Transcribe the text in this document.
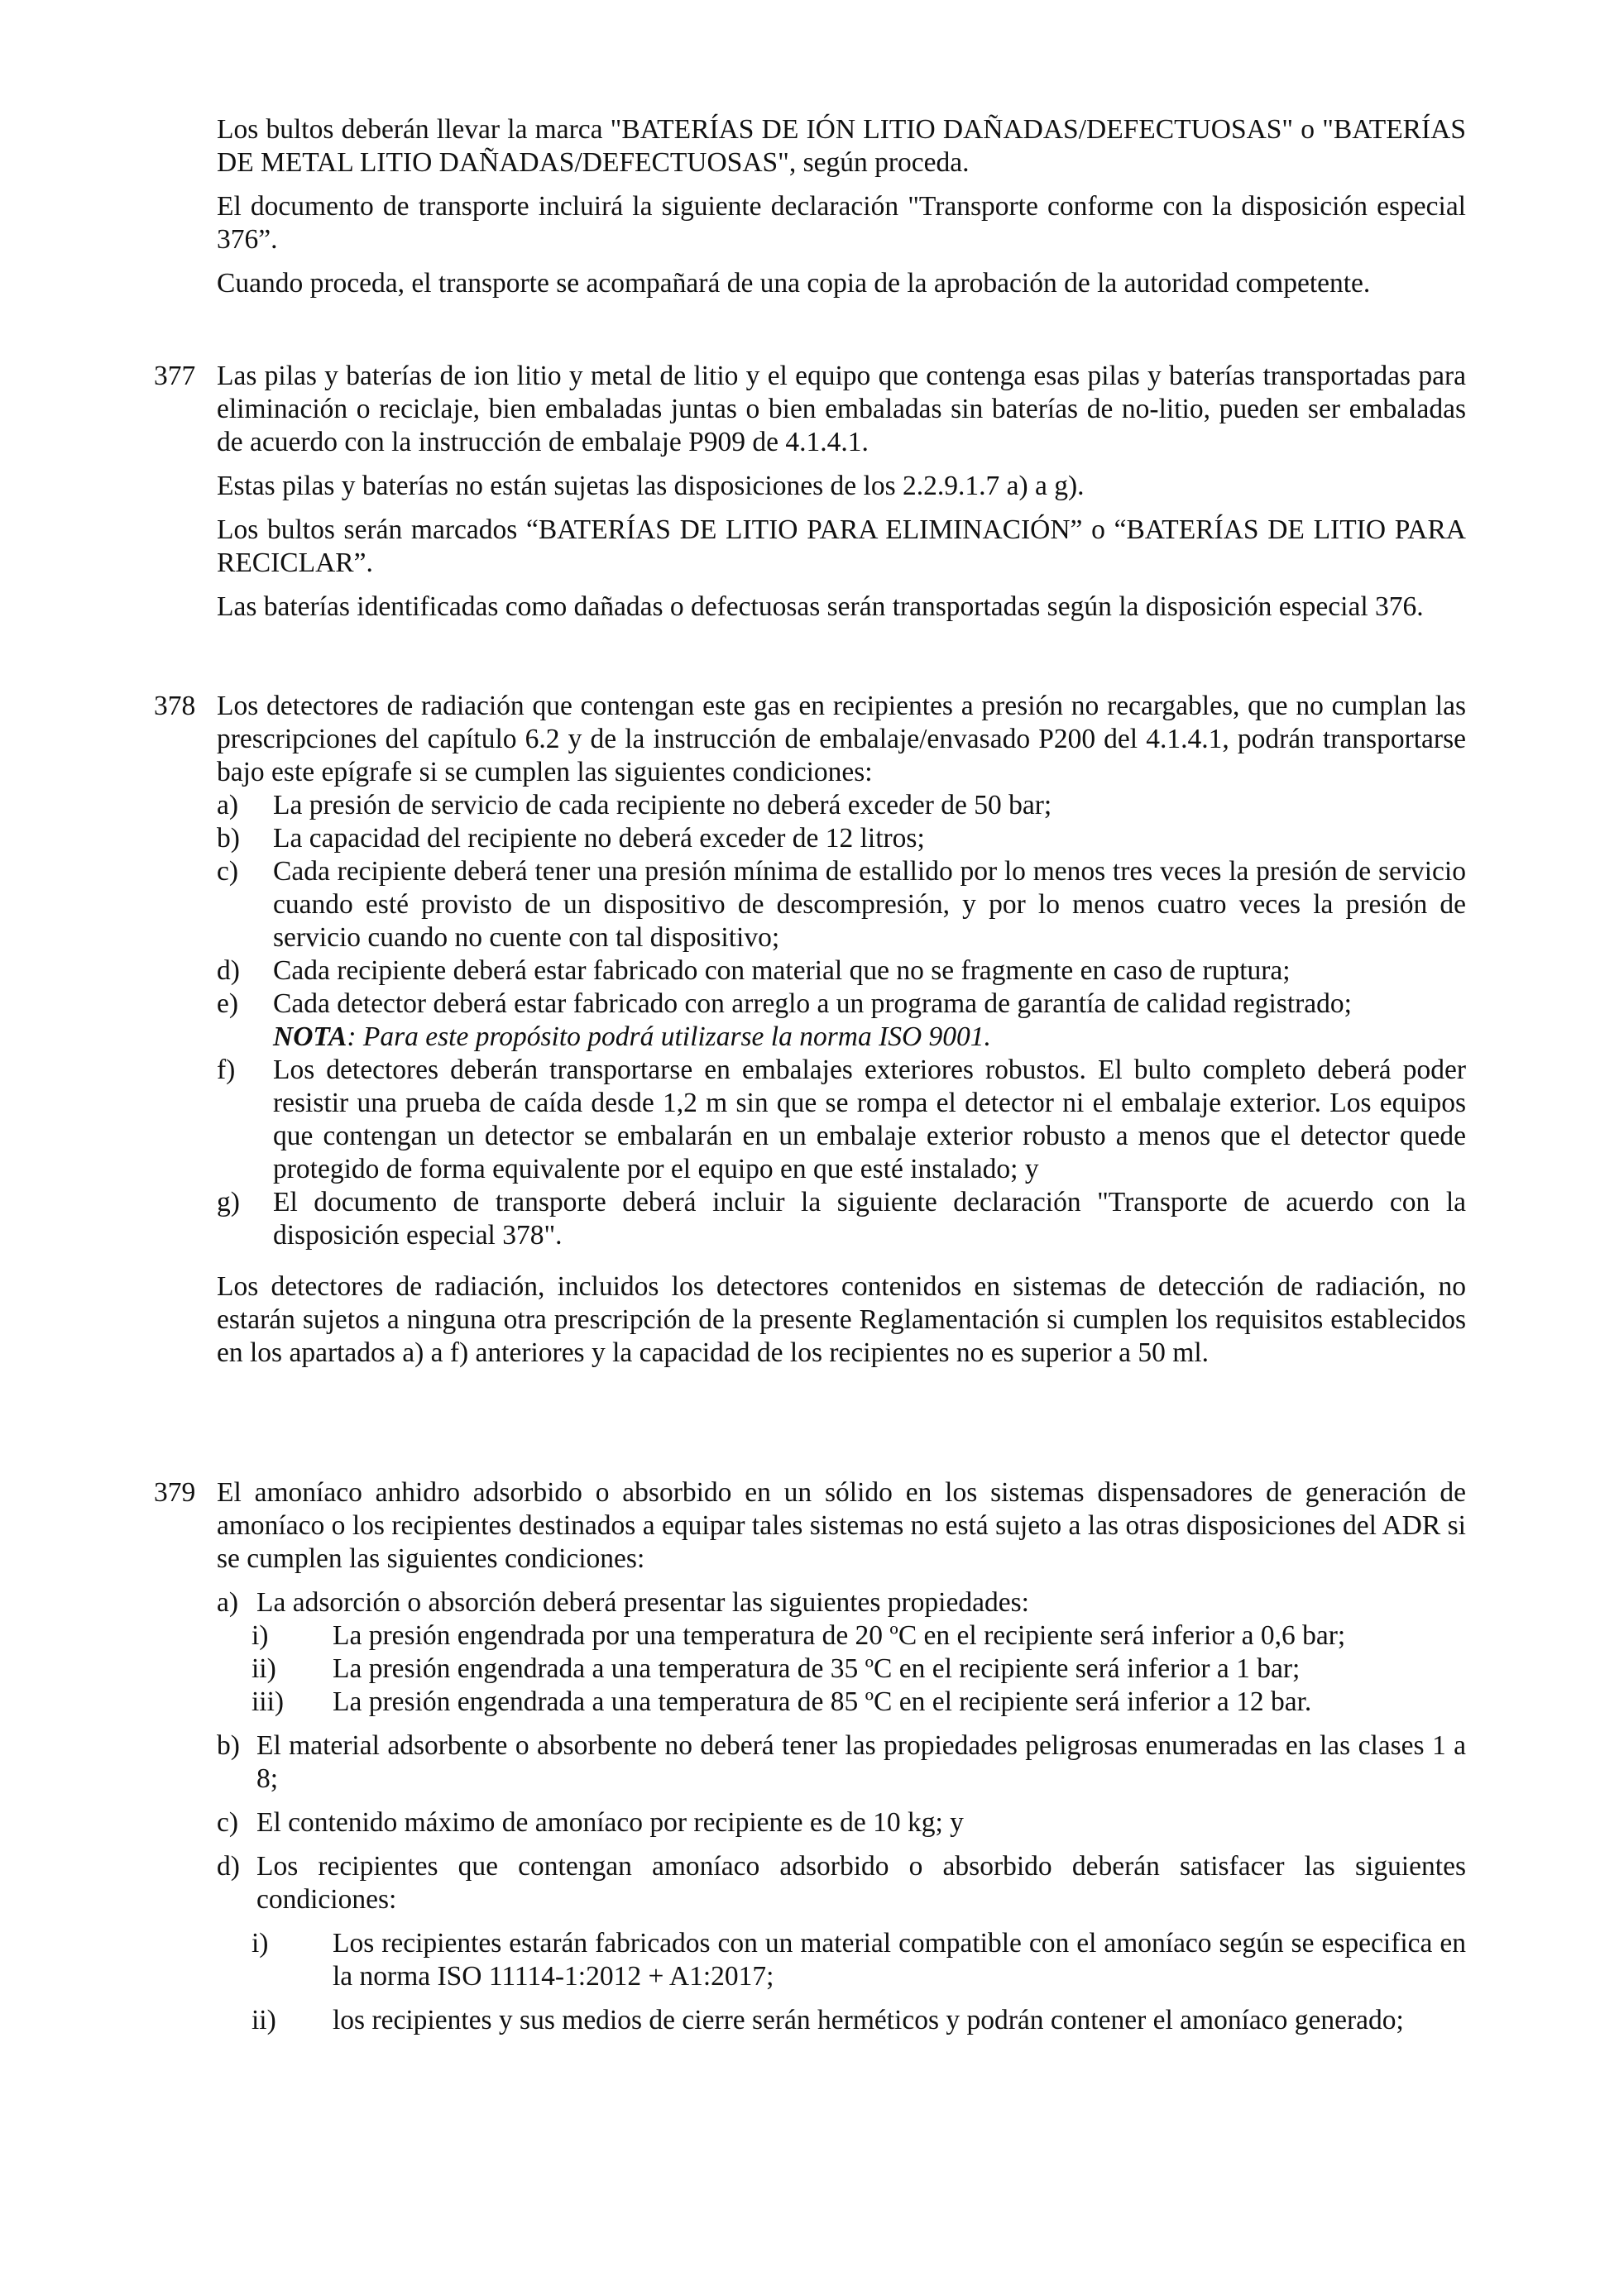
Los bultos deberán llevar la marca "BATERÍAS DE IÓN LITIO DAÑADAS/DEFECTUOSAS" o "BATERÍAS DE METAL LITIO DAÑADAS/DEFECTUOSAS", según proceda.

El documento de transporte incluirá la siguiente declaración "Transporte conforme con la disposición especial 376”.

Cuando proceda, el transporte se acompañará de una copia de la aprobación de la autoridad competente.

377 Las pilas y baterías de ion litio y metal de litio y el equipo que contenga esas pilas y baterías transportadas para eliminación o reciclaje, bien embaladas juntas o bien embaladas sin baterías de no-litio, pueden ser embaladas de acuerdo con la instrucción de embalaje P909 de 4.1.4.1.

Estas pilas y baterías no están sujetas las disposiciones de los 2.2.9.1.7 a) a g).

Los bultos serán marcados “BATERÍAS DE LITIO PARA ELIMINACIÓN” o “BATERÍAS DE LITIO PARA RECICLAR”.

Las baterías identificadas como dañadas o defectuosas serán transportadas según la disposición especial 376.

378 Los detectores de radiación que contengan este gas en recipientes a presión no recargables, que no cumplan las prescripciones del capítulo 6.2 y de la instrucción de embalaje/envasado P200 del 4.1.4.1, podrán transportarse bajo este epígrafe si se cumplen las siguientes condiciones:

a) La presión de servicio de cada recipiente no deberá exceder de 50 bar;
b) La capacidad del recipiente no deberá exceder de 12 litros;
c) Cada recipiente deberá tener una presión mínima de estallido por lo menos tres veces la presión de servicio cuando esté provisto de un dispositivo de descompresión, y por lo menos cuatro veces la presión de servicio cuando no cuente con tal dispositivo;
d) Cada recipiente deberá estar fabricado con material que no se fragmente en caso de ruptura;
e) Cada detector deberá estar fabricado con arreglo a un programa de garantía de calidad registrado;
NOTA: Para este propósito podrá utilizarse la norma ISO 9001.
f) Los detectores deberán transportarse en embalajes exteriores robustos. El bulto completo deberá poder resistir una prueba de caída desde 1,2 m sin que se rompa el detector ni el embalaje exterior. Los equipos que contengan un detector se embalarán en un embalaje exterior robusto a menos que el detector quede protegido de forma equivalente por el equipo en que esté instalado; y
g) El documento de transporte deberá incluir la siguiente declaración "Transporte de acuerdo con la disposición especial 378".

Los detectores de radiación, incluidos los detectores contenidos en sistemas de detección de radiación, no estarán sujetos a ninguna otra prescripción de la presente Reglamentación si cumplen los requisitos establecidos en los apartados a) a f) anteriores y la capacidad de los recipientes no es superior a 50 ml.

379 El amoníaco anhidro adsorbido o absorbido en un sólido en los sistemas dispensadores de generación de amoníaco o los recipientes destinados a equipar tales sistemas no está sujeto a las otras disposiciones del ADR si se cumplen las siguientes condiciones:

a) La adsorción o absorción deberá presentar las siguientes propiedades:
i) La presión engendrada por una temperatura de 20 ºC en el recipiente será inferior a 0,6 bar;
ii) La presión engendrada a una temperatura de 35 ºC en el recipiente será inferior a 1 bar;
iii) La presión engendrada a una temperatura de 85 ºC en el recipiente será inferior a 12 bar.
b) El material adsorbente o absorbente no deberá tener las propiedades peligrosas enumeradas en las clases 1 a 8;
c) El contenido máximo de amoníaco por recipiente es de 10 kg; y
d) Los recipientes que contengan amoníaco adsorbido o absorbido deberán satisfacer las siguientes condiciones:
i) Los recipientes estarán fabricados con un material compatible con el amoníaco según se especifica en la norma ISO 11114-1:2012 + A1:2017;
ii) los recipientes y sus medios de cierre serán herméticos y podrán contener el amoníaco generado;
